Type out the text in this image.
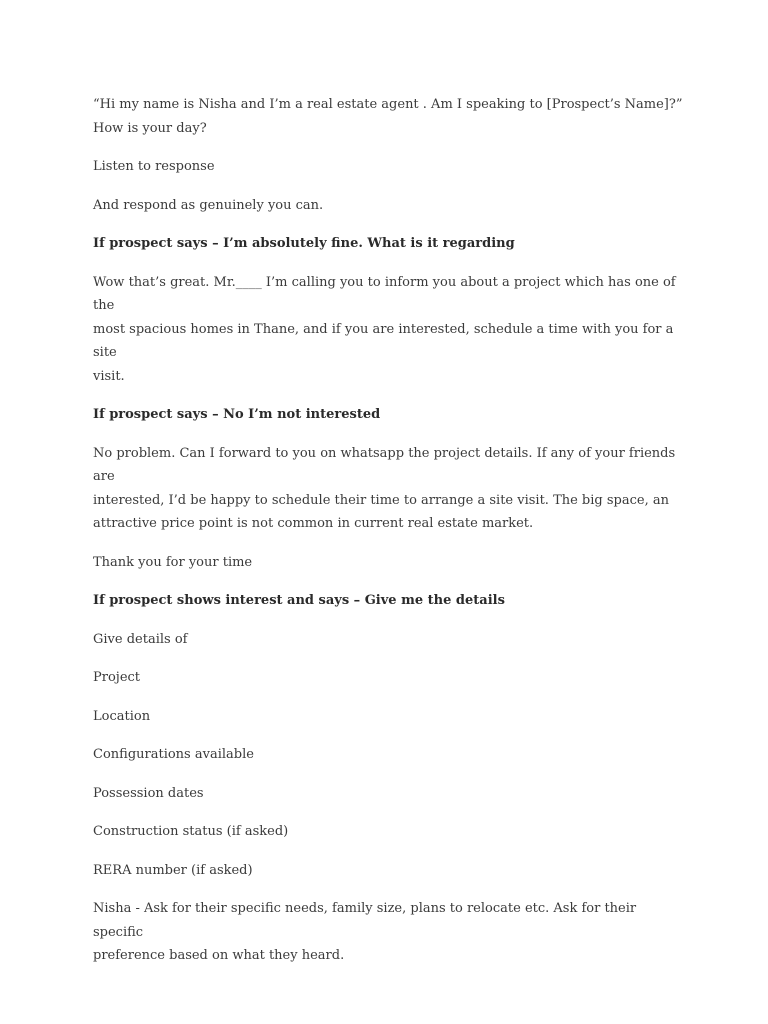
“Hi my name is Nisha and I’m a real estate agent . Am I speaking to [Prospect’s Name]?”
How is your day?

Listen to response

And respond as genuinely you can.

If prospect says – I’m absolutely fine. What is it regarding

Wow that’s great. Mr.____ I’m calling you to inform you about a project which has one of the
most spacious homes in Thane, and if you are interested, schedule a time with you for a site
visit.

If prospect says – No I’m not interested

No problem. Can I forward to you on whatsapp the project details. If any of your friends are
interested, I’d be happy to schedule their time to arrange a site visit. The big space, an
attractive price point is not common in current real estate market.

Thank you for your time

If prospect shows interest and says – Give me the details

Give details of

Project

Location

Configurations available

Possession dates

Construction status (if asked)

RERA number (if asked)

Nisha - Ask for their specific needs, family size, plans to relocate etc. Ask for their specific
preference based on what they heard.
